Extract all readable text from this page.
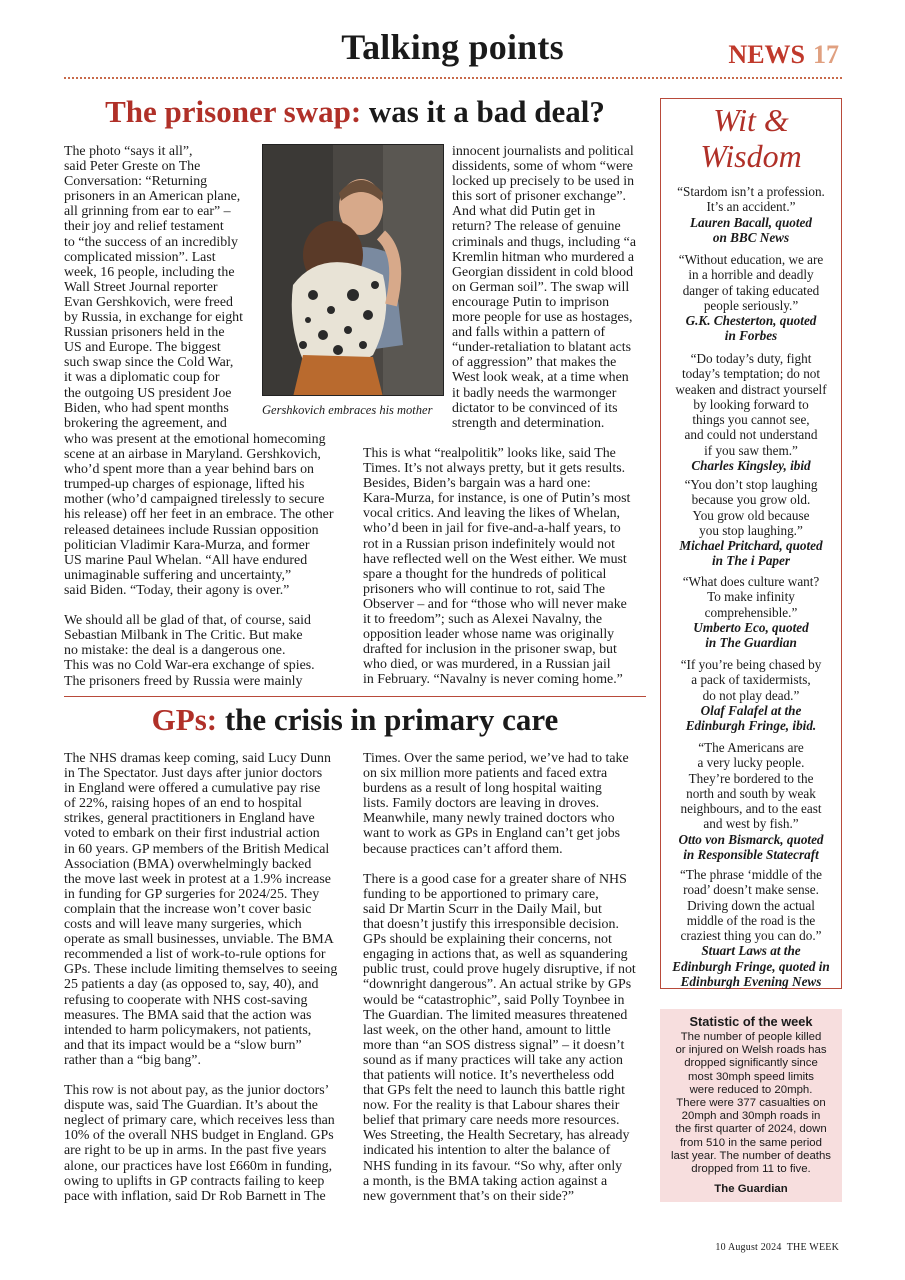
Talking points	NEWS 17
The prisoner swap: was it a bad deal?
The photo “says it all”,
said Peter Greste on The
Conversation: “Returning
prisoners in an American plane,
all grinning from ear to ear” –
their joy and relief testament
to “the success of an incredibly
complicated mission”. Last
week, 16 people, including the
Wall Street Journal reporter
Evan Gershkovich, were freed
by Russia, in exchange for eight
Russian prisoners held in the
US and Europe. The biggest
such swap since the Cold War,
it was a diplomatic coup for
the outgoing US president Joe
Biden, who had spent months
brokering the agreement, and
Gershkovich embraces his mother
innocent journalists and political
dissidents, some of whom “were
locked up precisely to be used in
this sort of prisoner exchange”.
And what did Putin get in
return? The release of genuine
criminals and thugs, including “a
Kremlin hitman who murdered a
Georgian dissident in cold blood
on German soil”. The swap will
encourage Putin to imprison
more people for use as hostages,
and falls within a pattern of
“under-retaliation to blatant acts
of aggression” that makes the
West look weak, at a time when
it badly needs the warmonger
dictator to be convinced of its
strength and determination.
who was present at the emotional homecoming
scene at an airbase in Maryland. Gershkovich,
who’d spent more than a year behind bars on
trumped-up charges of espionage, lifted his
mother (who’d campaigned tirelessly to secure
his release) off her feet in an embrace. The other
released detainees include Russian opposition
politician Vladimir Kara-Murza, and former
US marine Paul Whelan. “All have endured
unimaginable suffering and uncertainty,”
said Biden. “Today, their agony is over.”

We should all be glad of that, of course, said
Sebastian Milbank in The Critic. But make
no mistake: the deal is a dangerous one.
This was no Cold War-era exchange of spies.
The prisoners freed by Russia were mainly
This is what “realpolitik” looks like, said The
Times. It’s not always pretty, but it gets results.
Besides, Biden’s bargain was a hard one:
Kara-Murza, for instance, is one of Putin’s most
vocal critics. And leaving the likes of Whelan,
who’d been in jail for five-and-a-half years, to
rot in a Russian prison indefinitely would not
have reflected well on the West either. We must
spare a thought for the hundreds of political
prisoners who will continue to rot, said The
Observer – and for “those who will never make
it to freedom”; such as Alexei Navalny, the
opposition leader whose name was originally
drafted for inclusion in the prisoner swap, but
who died, or was murdered, in a Russian jail
in February. “Navalny is never coming home.”
GPs: the crisis in primary care
The NHS dramas keep coming, said Lucy Dunn
in The Spectator. Just days after junior doctors
in England were offered a cumulative pay rise
of 22%, raising hopes of an end to hospital
strikes, general practitioners in England have
voted to embark on their first industrial action
in 60 years. GP members of the British Medical
Association (BMA) overwhelmingly backed
the move last week in protest at a 1.9% increase
in funding for GP surgeries for 2024/25. They
complain that the increase won’t cover basic
costs and will leave many surgeries, which
operate as small businesses, unviable. The BMA
recommended a list of work-to-rule options for
GPs. These include limiting themselves to seeing
25 patients a day (as opposed to, say, 40), and
refusing to cooperate with NHS cost-saving
measures. The BMA said that the action was
intended to harm policymakers, not patients,
and that its impact would be a “slow burn”
rather than a “big bang”.

This row is not about pay, as the junior doctors’
dispute was, said The Guardian. It’s about the
neglect of primary care, which receives less than
10% of the overall NHS budget in England. GPs
are right to be up in arms. In the past five years
alone, our practices have lost £660m in funding,
owing to uplifts in GP contracts failing to keep
pace with inflation, said Dr Rob Barnett in The
Times. Over the same period, we’ve had to take
on six million more patients and faced extra
burdens as a result of long hospital waiting
lists. Family doctors are leaving in droves.
Meanwhile, many newly trained doctors who
want to work as GPs in England can’t get jobs
because practices can’t afford them.

There is a good case for a greater share of NHS
funding to be apportioned to primary care,
said Dr Martin Scurr in the Daily Mail, but
that doesn’t justify this irresponsible decision.
GPs should be explaining their concerns, not
engaging in actions that, as well as squandering
public trust, could prove hugely disruptive, if not
“downright dangerous”. An actual strike by GPs
would be “catastrophic”, said Polly Toynbee in
The Guardian. The limited measures threatened
last week, on the other hand, amount to little
more than “an SOS distress signal” – it doesn’t
sound as if many practices will take any action
that patients will notice. It’s nevertheless odd
that GPs felt the need to launch this battle right
now. For the reality is that Labour shares their
belief that primary care needs more resources.
Wes Streeting, the Health Secretary, has already
indicated his intention to alter the balance of
NHS funding in its favour. “So why, after only
a month, is the BMA taking action against a
new government that’s on their side?”
Wit &
Wisdom
“Stardom isn’t a profession.
It’s an accident.”
Lauren Bacall, quoted
on BBC News
“Without education, we are
in a horrible and deadly
danger of taking educated
people seriously.”
G.K. Chesterton, quoted
in Forbes
“Do today’s duty, fight
today’s temptation; do not
weaken and distract yourself
by looking forward to
things you cannot see,
and could not understand
if you saw them.”
Charles Kingsley, ibid
“You don’t stop laughing
because you grow old.
You grow old because
you stop laughing.”
Michael Pritchard, quoted
in The i Paper
“What does culture want?
To make infinity
comprehensible.”
Umberto Eco, quoted
in The Guardian
“If you’re being chased by
a pack of taxidermists,
do not play dead.”
Olaf Falafel at the
Edinburgh Fringe, ibid.
“The Americans are
a very lucky people.
They’re bordered to the
north and south by weak
neighbours, and to the east
and west by fish.”
Otto von Bismarck, quoted
in Responsible Statecraft
“The phrase ‘middle of the
road’ doesn’t make sense.
Driving down the actual
middle of the road is the
craziest thing you can do.”
Stuart Laws at the
Edinburgh Fringe, quoted in
Edinburgh Evening News
Statistic of the week
The number of people killed
or injured on Welsh roads has
dropped significantly since
most 30mph speed limits
were reduced to 20mph.
There were 377 casualties on
20mph and 30mph roads in
the first quarter of 2024, down
from 510 in the same period
last year. The number of deaths
dropped from 11 to five.
The Guardian
10 August 2024  THE WEEK
